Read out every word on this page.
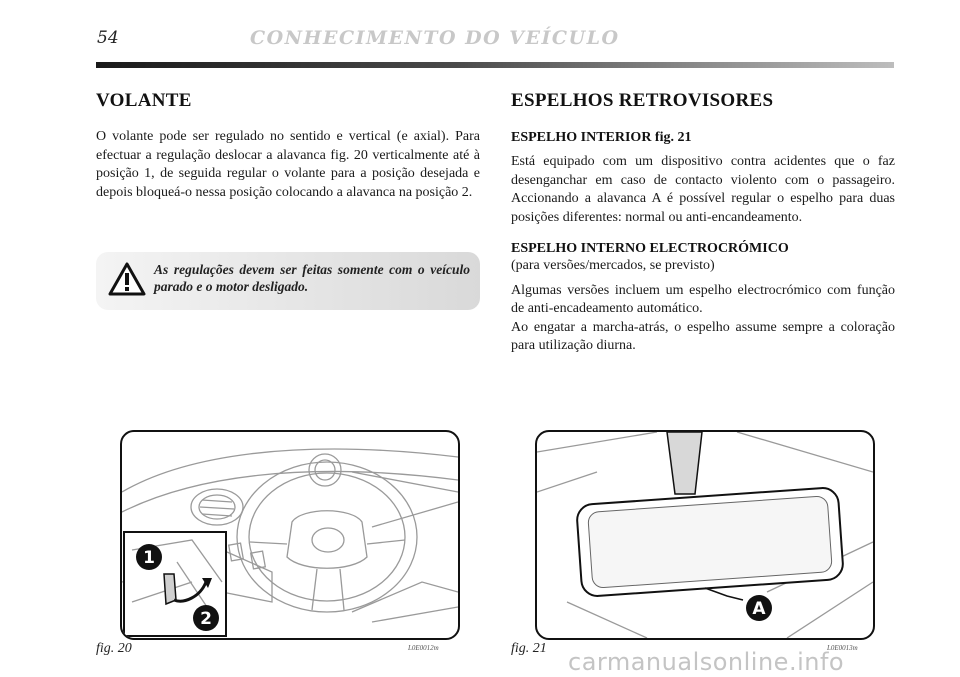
54	CONHECIMENTO DO VEÍCULO
VOLANTE

O volante pode ser regulado no sentido e vertical (e axial). Para efectuar a regulação deslocar a alavanca fig. 20 verticalmente até à posição 1, de seguida regular o volante para a posição desejada e depois bloqueá-o nessa posição colocando a alavanca na posição 2.

As regulações devem ser feitas somente com o veículo parado e o motor desligado.
ESPELHOS RETROVISORES
ESPELHO INTERIOR fig. 21

Está equipado com um dispositivo contra acidentes que o faz desenganchar em caso de contacto violento com o passageiro. Accionando a alavanca A é possível regular o espelho para duas posições diferentes: normal ou anti-encandeamento.

ESPELHO INTERNO ELECTROCRÓMICO

(para versões/mercados, se previsto)

Algumas versões incluem um espelho electrocrómico com função de anti-encadeamento automático.

Ao engatar a marcha-atrás, o espelho assume sempre a coloração para utilização diurna.

1
2
fig. 20	L0E0012m
A
fig. 21	L0E0013m
carmanualsonline.info
